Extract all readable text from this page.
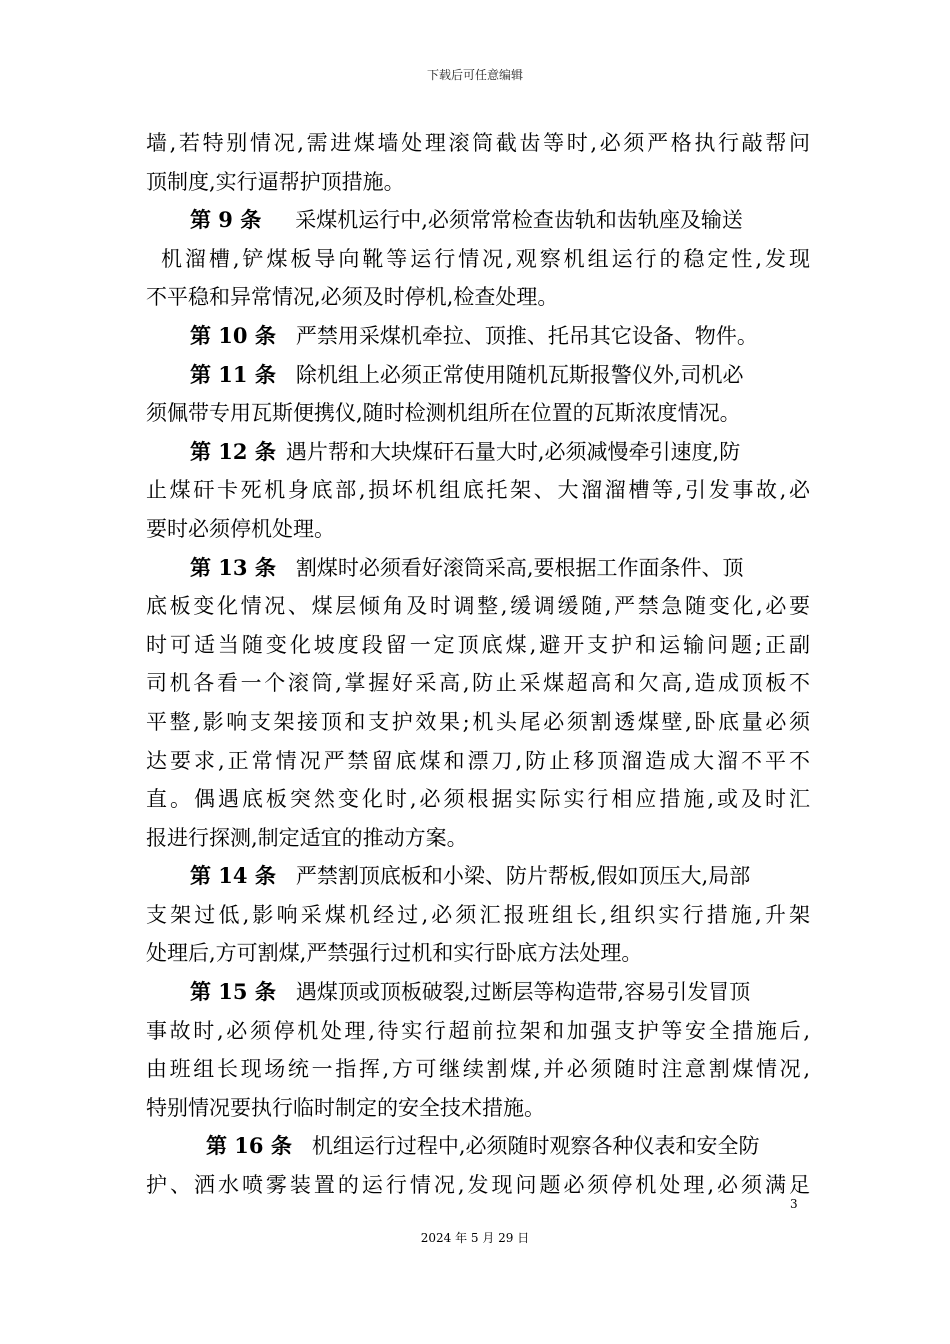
下载后可任意编辑
墙,若特别情况,需进煤墙处理滚筒截齿等时,必须严格执行敲帮问
顶制度,实行逼帮护顶措施。
第 9 条 采煤机运行中,必须常常检查齿轨和齿轨座及输送
机溜槽,铲煤板导向靴等运行情况,观察机组运行的稳定性,发现
不平稳和异常情况,必须及时停机,检查处理。
第 10 条 严禁用采煤机牵拉、顶推、托吊其它设备、物件。
第 11 条 除机组上必须正常使用随机瓦斯报警仪外,司机必
须佩带专用瓦斯便携仪,随时检测机组所在位置的瓦斯浓度情况。
第 12 条 遇片帮和大块煤矸石量大时,必须减慢牵引速度,防
止煤矸卡死机身底部,损坏机组底托架、大溜溜槽等,引发事故,必
要时必须停机处理。
第 13 条 割煤时必须看好滚筒采高,要根据工作面条件、顶
底板变化情况、煤层倾角及时调整,缓调缓随,严禁急随变化,必要
时可适当随变化坡度段留一定顶底煤,避开支护和运输问题;正副
司机各看一个滚筒,掌握好采高,防止采煤超高和欠高,造成顶板不
平整,影响支架接顶和支护效果;机头尾必须割透煤壁,卧底量必须
达要求,正常情况严禁留底煤和漂刀,防止移顶溜造成大溜不平不
直。偶遇底板突然变化时,必须根据实际实行相应措施,或及时汇
报进行探测,制定适宜的推动方案。
第 14 条 严禁割顶底板和小梁、防片帮板,假如顶压大,局部
支架过低,影响采煤机经过,必须汇报班组长,组织实行措施,升架
处理后,方可割煤,严禁强行过机和实行卧底方法处理。
第 15 条 遇煤顶或顶板破裂,过断层等构造带,容易引发冒顶
事故时,必须停机处理,待实行超前拉架和加强支护等安全措施后,
由班组长现场统一指挥,方可继续割煤,并必须随时注意割煤情况,
特别情况要执行临时制定的安全技术措施。
第 16 条 机组运行过程中,必须随时观察各种仪表和安全防
护、洒水喷雾装置的运行情况,发现问题必须停机处理,必须满足
3
2024 年 5 月 29 日
